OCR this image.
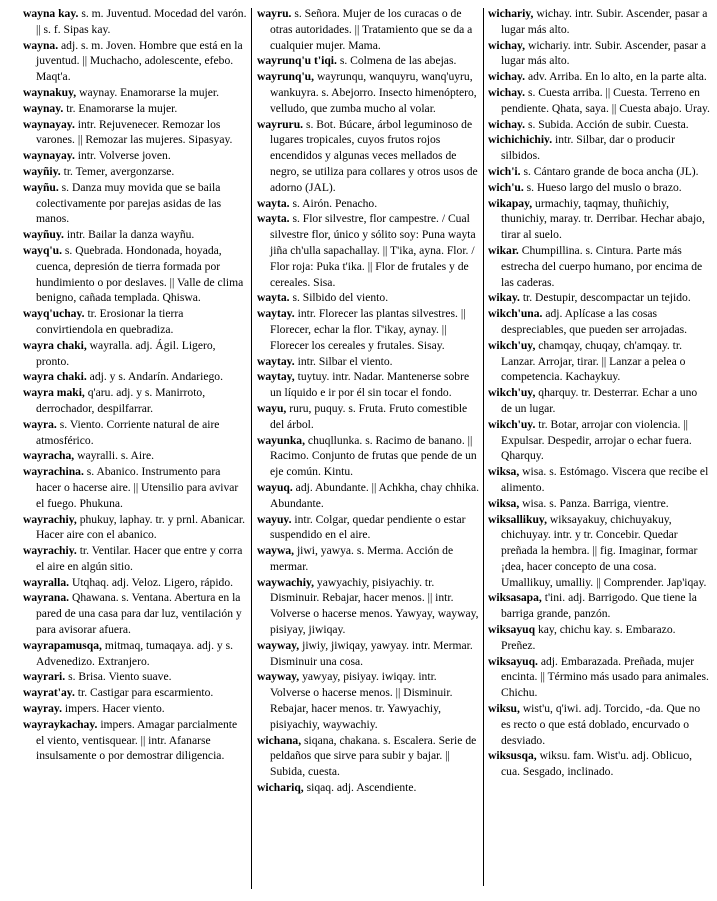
wayna kay. s. m. Juventud. Mocedad del varón. || s. f. Sipas kay.

wayna. adj. s. m. Joven. Hombre que está en la juventud. || Muchacho, adolescente, efebo. Maqt'a.

waynakuy, waynay. Enamorarse la mujer.

waynay. tr. Enamorarse la mujer.

waynayay. intr. Rejuvenecer. Remozar los varones. || Remozar las mujeres. Sipasyay.

waynayay. intr. Volverse joven.

wayñiy. tr. Temer, avergonzarse.

wayñu. s. Danza muy movida que se baila colectivamente por parejas asidas de las manos.

wayñuy. intr. Bailar la danza wayñu.

wayq'u. s. Quebrada. Hondonada, hoyada, cuenca, depresión de tierra formada por hundimiento o por deslaves. || Valle de clima benigno, cañada templada. Qhiswa.

wayq'uchay. tr. Erosionar la tierra convirtiendola en quebradiza.

wayra chaki, wayralla. adj. Ágil. Ligero, pronto.

wayra chaki. adj. y s. Andarín. Andariego.

wayra maki, q'aru. adj. y s. Manirroto, derrochador, despilfarrar.

wayra. s. Viento. Corriente natural de aire atmosférico.

wayracha, wayralli. s. Aire.

wayrachina. s. Abanico. Instrumento para hacer o hacerse aire. || Utensilio para avivar el fuego. Phukuna.

wayrachiy, phukuy, laphay. tr. y prnl. Abanicar. Hacer aire con el abanico.

wayrachiy. tr. Ventilar. Hacer que entre y corra el aire en algún sitio.

wayralla. Utqhaq. adj. Veloz. Ligero, rápido.

wayrana. Qhawana. s. Ventana. Abertura en la pared de una casa para dar luz, ventilación y para avisorar afuera.

wayrapamusqa, mitmaq, tumaqaya. adj. y s. Advenedizo. Extranjero.

wayrari. s. Brisa. Viento suave.

wayrat'ay. tr. Castigar para escarmiento.

wayray. impers. Hacer viento.

wayraykachay. impers. Amagar parcialmente el viento, ventisquear. || intr. Afanarse insulsamente o por demostrar diligencia.

wayru. s. Señora. Mujer de los curacas o de otras autoridades. || Tratamiento que se da a cualquier mujer. Mama.

wayrunq'u t'iqi. s. Colmena de las abejas.

wayrunq'u, wayrunqu, wanquyru, wanq'uyru, wankuyra. s. Abejorro. Insecto himenóptero, velludo, que zumba mucho al volar.

wayruru. s. Bot. Búcare, árbol leguminoso de lugares tropicales, cuyos frutos rojos encendidos y algunas veces mellados de negro, se utiliza para collares y otros usos de adorno (JAL).

wayta. s. Airón. Penacho.

wayta. s. Flor silvestre, flor campestre. / Cual silvestre flor, único y sólito soy: Puna wayta jiña ch'ulla sapachallay. || T'ika, ayna. Flor. / Flor roja: Puka t'ika. || Flor de frutales y de cereales. Sisa.

wayta. s. Silbido del viento.

waytay. intr. Florecer las plantas silvestres. || Florecer, echar la flor. T'ikay, aynay. || Florecer los cereales y frutales. Sisay.

waytay. intr. Silbar el viento.

waytay, tuytuy. intr. Nadar. Mantenerse sobre un líquido e ir por él sin tocar el fondo.

wayu, ruru, puquy. s. Fruta. Fruto comestible del árbol.

wayunka, chuqllunka. s. Racimo de banano. || Racimo. Conjunto de frutas que pende de un eje común. Kintu.

wayuq. adj. Abundante. || Achkha, chay chhika. Abundante.

wayuy. intr. Colgar, quedar pendiente o estar suspendido en el aire.

waywa, jiwi, yawya. s. Merma. Acción de mermar.

waywachiy, yawyachiy, pisiyachiy. tr. Disminuir. Rebajar, hacer menos. || intr. Volverse o hacerse menos. Yawyay, wayway, pisiyay, jiwiqay.

wayway, jiwiy, jiwiqay, yawyay. intr. Mermar. Disminuir una cosa.

wayway, yawyay, pisiyay. iwiqay. intr. Volverse o hacerse menos. || Disminuir. Rebajar, hacer menos. tr. Yawyachiy, pisiyachiy, waywachiy.

wichana, siqana, chakana. s. Escalera. Serie de peldaños que sirve para subir y bajar. || Subida, cuesta.

wichariq, siqaq. adj. Ascendiente.

wichariy, wichay. intr. Subir. Ascender, pasar a lugar más alto.

wichay, wichariy. intr. Subir. Ascender, pasar a lugar más alto.

wichay. adv. Arriba. En lo alto, en la parte alta.

wichay. s. Cuesta arriba. || Cuesta. Terreno en pendiente. Qhata, saya. || Cuesta abajo. Uray.

wichay. s. Subida. Acción de subir. Cuesta.

wichichichiy. intr. Silbar, dar o producir silbidos.

wich'i. s. Cántaro grande de boca ancha (JL).

wich'u. s. Hueso largo del muslo o brazo.

wikapay, urmachiy, taqmay, thuñichiy, thunichiy, maray. tr. Derribar. Hechar abajo, tirar al suelo.

wikar. Chumpillina. s. Cintura. Parte más estrecha del cuerpo humano, por encima de las caderas.

wikay. tr. Destupir, descompactar un tejido.

wikch'una. adj. Aplícase a las cosas despreciables, que pueden ser arrojadas.

wikch'uy, chamqay, chuqay, ch'amqay. tr. Lanzar. Arrojar, tirar. || Lanzar a pelea o competencia. Kachaykuy.

wikch'uy, qharquy. tr. Desterrar. Echar a uno de un lugar.

wikch'uy. tr. Botar, arrojar con violencia. || Expulsar. Despedir, arrojar o echar fuera. Qharquy.

wiksa, wisa. s. Estómago. Viscera que recibe el alimento.

wiksa, wisa. s. Panza. Barriga, vientre.

wiksallikuy, wiksayakuy, chichuyakuy, chichuyay. intr. y tr. Concebir. Quedar preñada la hembra. || fig. Imaginar, formar ¡dea, hacer concepto de una cosa. Umallikuy, umalliy. || Comprender. Jap'iqay.

wiksasapa, t'ini. adj. Barrigodo. Que tiene la barriga grande, panzón.

wiksayuq kay, chichu kay. s. Embarazo. Preñez.

wiksayuq. adj. Embarazada. Preñada, mujer encinta. || Término más usado para animales. Chichu.

wiksu, wist'u, q'iwi. adj. Torcido, -da. Que no es recto o que está doblado, encurvado o desviado.

wiksusqa, wiksu. fam. Wist'u. adj. Oblicuo, cua. Sesgado, inclinado.
